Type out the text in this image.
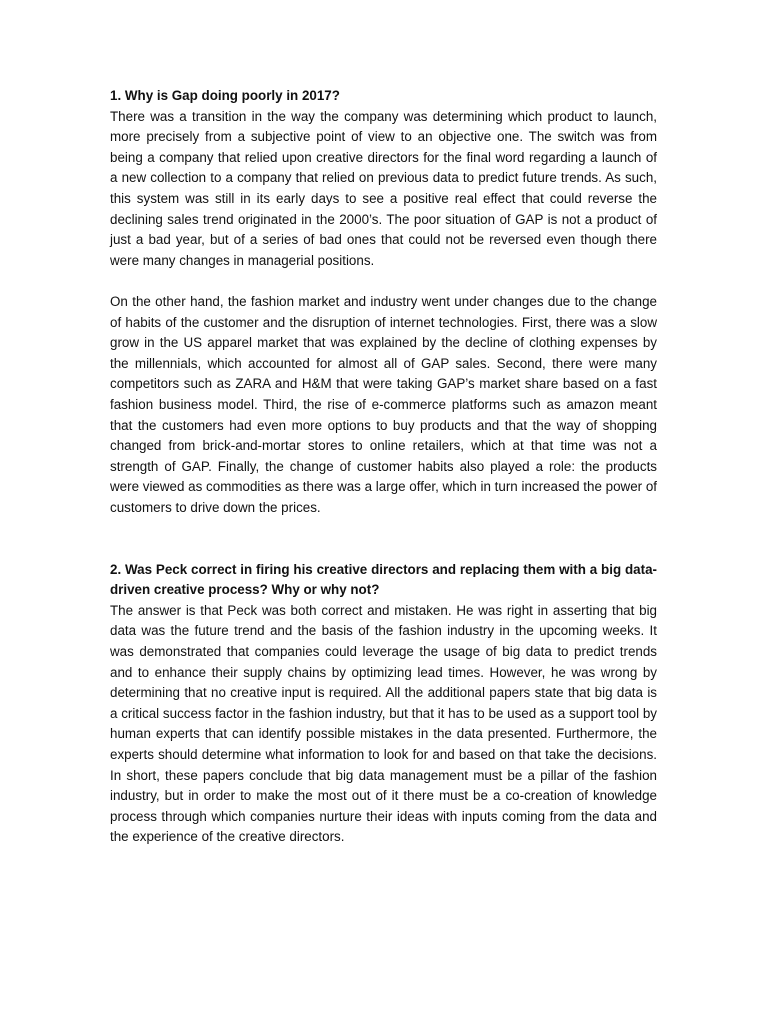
1. Why is Gap doing poorly in 2017?

There was a transition in the way the company was determining which product to launch, more precisely from a subjective point of view to an objective one. The switch was from being a company that relied upon creative directors for the final word regarding a launch of a new collection to a company that relied on previous data to predict future trends. As such, this system was still in its early days to see a positive real effect that could reverse the declining sales trend originated in the 2000’s. The poor situation of GAP is not a product of just a bad year, but of a series of bad ones that could not be reversed even though there were many changes in managerial positions.

On the other hand, the fashion market and industry went under changes due to the change of habits of the customer and the disruption of internet technologies. First, there was a slow grow in the US apparel market that was explained by the decline of clothing expenses by the millennials, which accounted for almost all of GAP sales. Second, there were many competitors such as ZARA and H&M that were taking GAP’s market share based on a fast fashion business model. Third, the rise of e-commerce platforms such as amazon meant that the customers had even more options to buy products and that the way of shopping changed from brick-and-mortar stores to online retailers, which at that time was not a strength of GAP. Finally, the change of customer habits also played a role: the products were viewed as commodities as there was a large offer, which in turn increased the power of customers to drive down the prices.

2. Was Peck correct in firing his creative directors and replacing them with a big data-driven creative process? Why or why not?

The answer is that Peck was both correct and mistaken. He was right in asserting that big data was the future trend and the basis of the fashion industry in the upcoming weeks. It was demonstrated that companies could leverage the usage of big data to predict trends and to enhance their supply chains by optimizing lead times. However, he was wrong by determining that no creative input is required. All the additional papers state that big data is a critical success factor in the fashion industry, but that it has to be used as a support tool by human experts that can identify possible mistakes in the data presented. Furthermore, the experts should determine what information to look for and based on that take the decisions. In short, these papers conclude that big data management must be a pillar of the fashion industry, but in order to make the most out of it there must be a co-creation of knowledge process through which companies nurture their ideas with inputs coming from the data and the experience of the creative directors.
